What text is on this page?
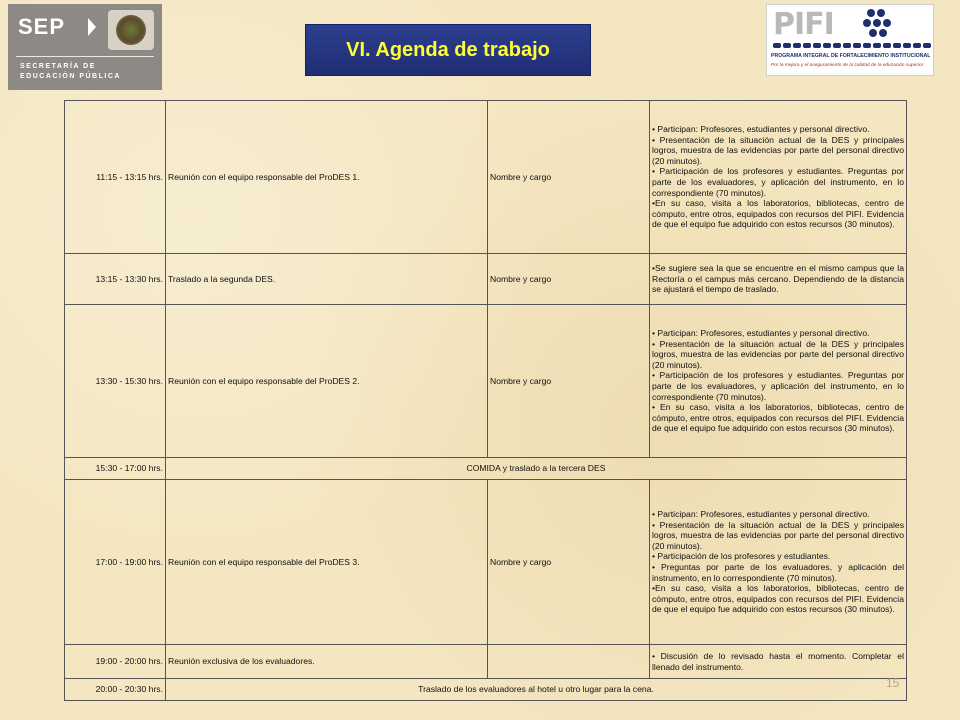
SEP
SECRETARÍA DE
EDUCACIÓN PÚBLICA
VI. Agenda de trabajo
PIFI
PROGRAMA INTEGRAL DE FORTALECIMIENTO INSTITUCIONAL
Por la mejora y el aseguramiento de la calidad de la educación superior
11:15 - 13:15 hrs.	Reunión con el equipo responsable del ProDES 1.	Nombre y cargo	• Participan: Profesores, estudiantes y personal directivo.
• Presentación de la situación actual de la DES y principales logros, muestra de las evidencias por parte del personal directivo (20 minutos).
• Participación de los profesores y estudiantes. Preguntas por parte de los evaluadores, y aplicación del instrumento, en lo correspondiente (70 minutos).
•En su caso, visita a los laboratorios, bibliotecas, centro de cómputo, entre otros, equipados con recursos del PIFI. Evidencia de que el equipo fue adquirido con estos recursos (30 minutos).

13:15 - 13:30 hrs.	Traslado a la segunda DES.	Nombre y cargo	•Se sugiere sea la que se encuentre en el mismo campus que la Rectoría o el campus más cercano. Dependiendo de la distancia se ajustará el tiempo de traslado.

13:30 - 15:30 hrs.	Reunión con el equipo responsable del ProDES 2.	Nombre y cargo	• Participan: Profesores, estudiantes y personal directivo.
• Presentación de la situación actual de la DES y principales logros, muestra de las evidencias por parte del personal directivo (20 minutos).
• Participación de los profesores y estudiantes. Preguntas por parte de los evaluadores, y aplicación del instrumento, en lo correspondiente (70 minutos).
• En su caso, visita a los laboratorios, bibliotecas, centro de cómputo, entre otros, equipados con recursos del PIFI. Evidencia de que el equipo fue adquirido con estos recursos (30 minutos).

15:30 - 17:00 hrs.	COMIDA y traslado a la tercera DES		
17:00 - 19:00 hrs.	Reunión con el equipo responsable del ProDES 3.	Nombre y cargo	• Participan: Profesores, estudiantes y personal directivo.
• Presentación de la situación actual de la DES y principales logros, muestra de las evidencias por parte del personal directivo (20 minutos).
• Participación de los profesores y estudiantes.
• Preguntas por parte de los evaluadores, y aplicación del instrumento, en lo correspondiente (70 minutos).
•En su caso, visita a los laboratorios, bibliotecas, centro de cómputo, entre otros, equipados con recursos del PIFI. Evidencia de que el equipo fue adquirido con estos recursos (30 minutos).

19:00 - 20:00 hrs.	Reunión exclusiva de los evaluadores.		• Discusión de lo revisado hasta el momento. Completar el llenado del instrumento.

20:00 - 20:30 hrs.	Traslado de los evaluadores al hotel u otro lugar para la cena.			15
